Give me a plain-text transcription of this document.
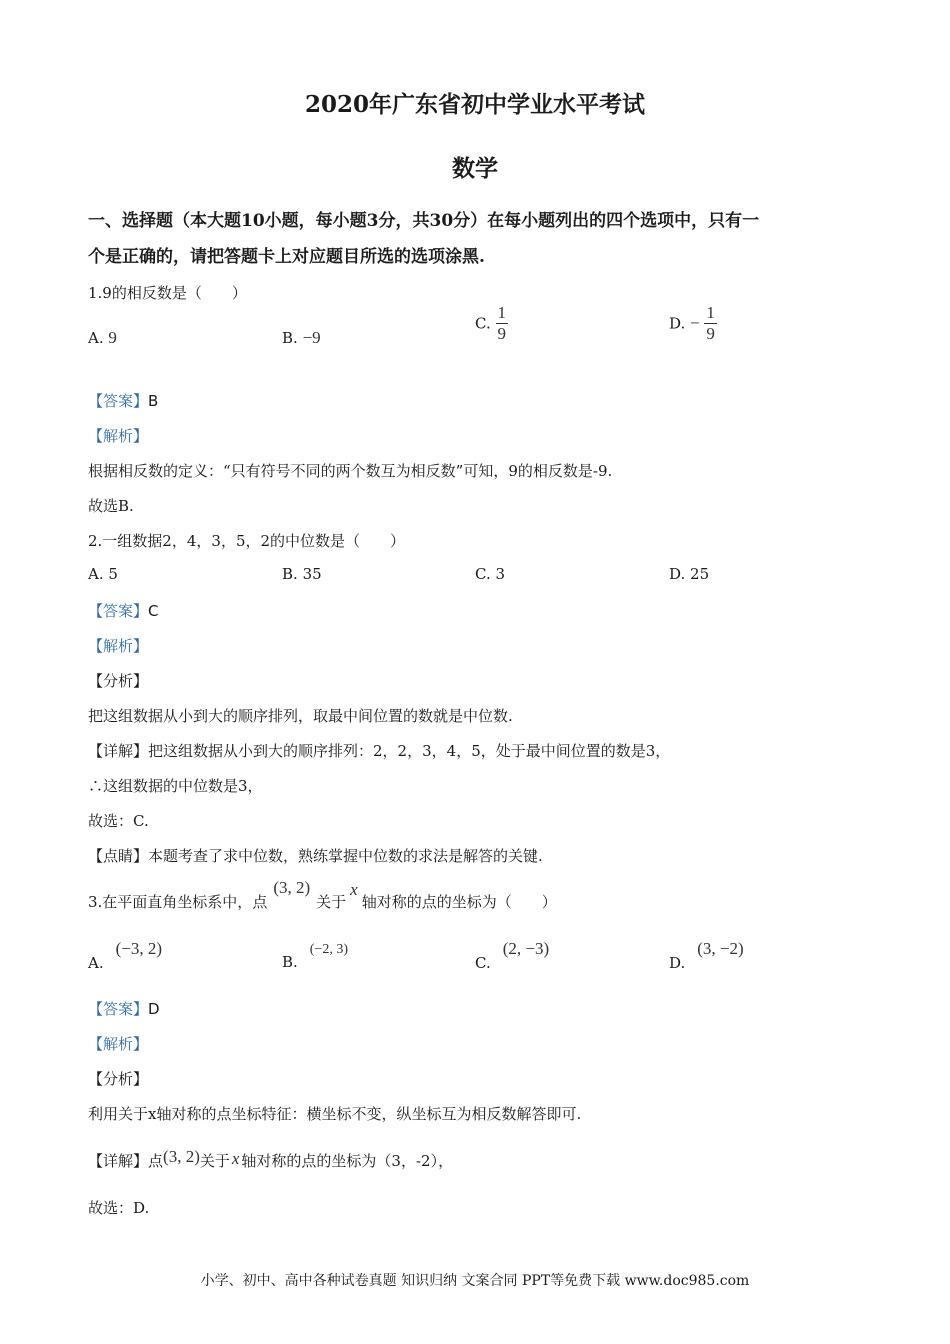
2020年广东省初中学业水平考试
数学
一、选择题（本大题10小题，每小题3分，共30分）在每小题列出的四个选项中，只有一
个是正确的，请把答题卡上对应题目所选的选项涂黑.
1.9的相反数是（　　）
A. 9	B. −9
C. $\frac{1}{9}$	D. − $\frac{1}{9}$
【答案】B
【解析】
根据相反数的定义：“只有符号不同的两个数互为相反数”可知，9的相反数是-9.
故选B.
2.一组数据2，4，3，5，2的中位数是（　　）
A. 5	B. 35	C. 3	D. 25
【答案】C
【解析】
【分析】
把这组数据从小到大的顺序排列，取最中间位置的数就是中位数.
【详解】把这组数据从小到大的顺序排列：2，2，3，4，5，处于最中间位置的数是3，
∴这组数据的中位数是3，
故选：C.
【点睛】本题考查了求中位数，熟练掌握中位数的求法是解答的关键.
3.在平面直角坐标系中，点(3, 2)关于x轴对称的点的坐标为（　　）
A.(−3, 2)
B.(−2, 3)
C.(2, −3)
D.(3, −2)
【答案】D
【解析】
【分析】
利用关于x轴对称的点坐标特征：横坐标不变，纵坐标互为相反数解答即可.
【详解】点(3, 2)关于 x 轴对称的点的坐标为（3，-2），
故选：D.
小学、初中、高中各种试卷真题 知识归纳 文案合同 PPT等免费下载 www.doc985.com
